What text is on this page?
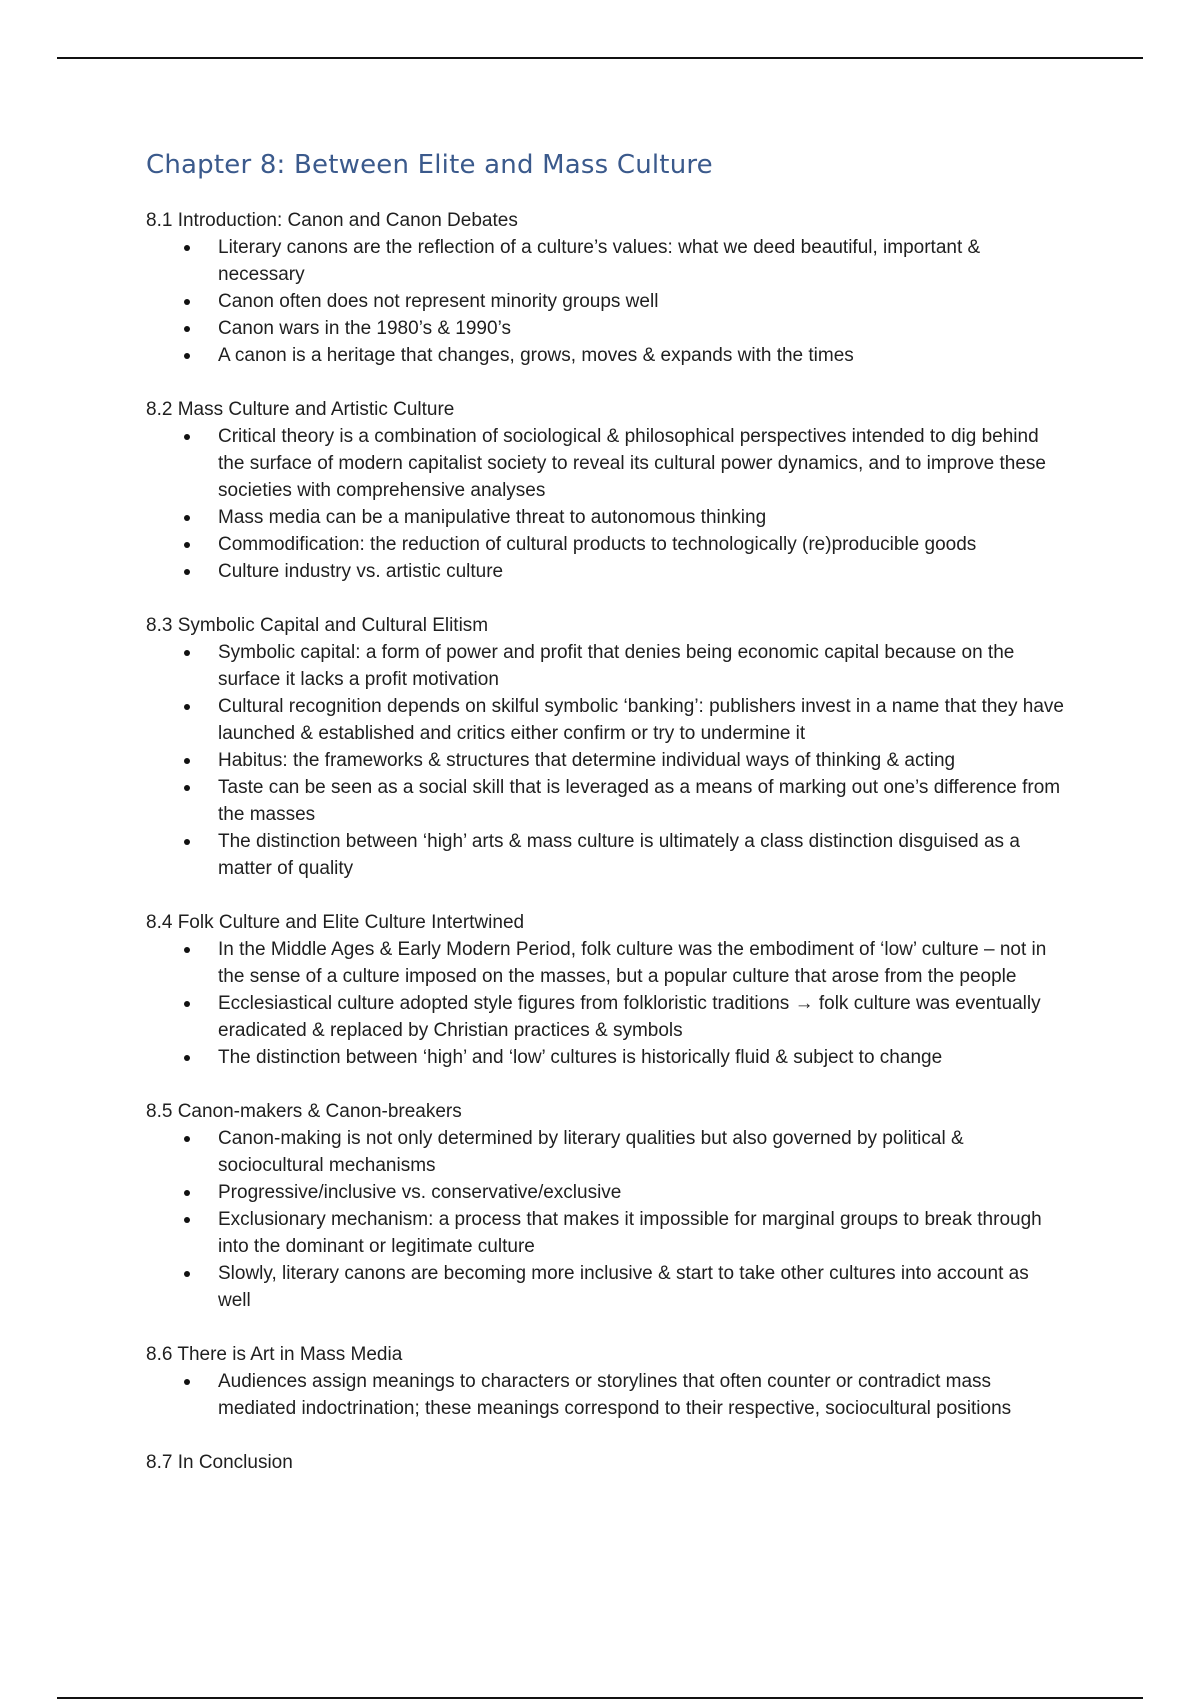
Chapter 8: Between Elite and Mass Culture
8.1 Introduction: Canon and Canon Debates
Literary canons are the reflection of a culture’s values: what we deed beautiful, important & necessary
Canon often does not represent minority groups well
Canon wars in the 1980’s & 1990’s
A canon is a heritage that changes, grows, moves & expands with the times
8.2 Mass Culture and Artistic Culture
Critical theory is a combination of sociological & philosophical perspectives intended to dig behind the surface of modern capitalist society to reveal its cultural power dynamics, and to improve these societies with comprehensive analyses
Mass media can be a manipulative threat to autonomous thinking
Commodification: the reduction of cultural products to technologically (re)producible goods
Culture industry vs. artistic culture
8.3 Symbolic Capital and Cultural Elitism
Symbolic capital: a form of power and profit that denies being economic capital because on the surface it lacks a profit motivation
Cultural recognition depends on skilful symbolic ‘banking’: publishers invest in a name that they have launched & established and critics either confirm or try to undermine it
Habitus: the frameworks & structures that determine individual ways of thinking & acting
Taste can be seen as a social skill that is leveraged as a means of marking out one’s difference from the masses
The distinction between ‘high’ arts & mass culture is ultimately a class distinction disguised as a matter of quality
8.4 Folk Culture and Elite Culture Intertwined
In the Middle Ages & Early Modern Period, folk culture was the embodiment of ‘low’ culture – not in the sense of a culture imposed on the masses, but a popular culture that arose from the people
Ecclesiastical culture adopted style figures from folkloristic traditions → folk culture was eventually eradicated & replaced by Christian practices & symbols
The distinction between ‘high’ and ‘low’ cultures is historically fluid & subject to change
8.5 Canon-makers & Canon-breakers
Canon-making is not only determined by literary qualities but also governed by political & sociocultural mechanisms
Progressive/inclusive vs. conservative/exclusive
Exclusionary mechanism: a process that makes it impossible for marginal groups to break through into the dominant or legitimate culture
Slowly, literary canons are becoming more inclusive & start to take other cultures into account as well
8.6 There is Art in Mass Media
Audiences assign meanings to characters or storylines that often counter or contradict mass mediated indoctrination; these meanings correspond to their respective, sociocultural positions
8.7 In Conclusion
